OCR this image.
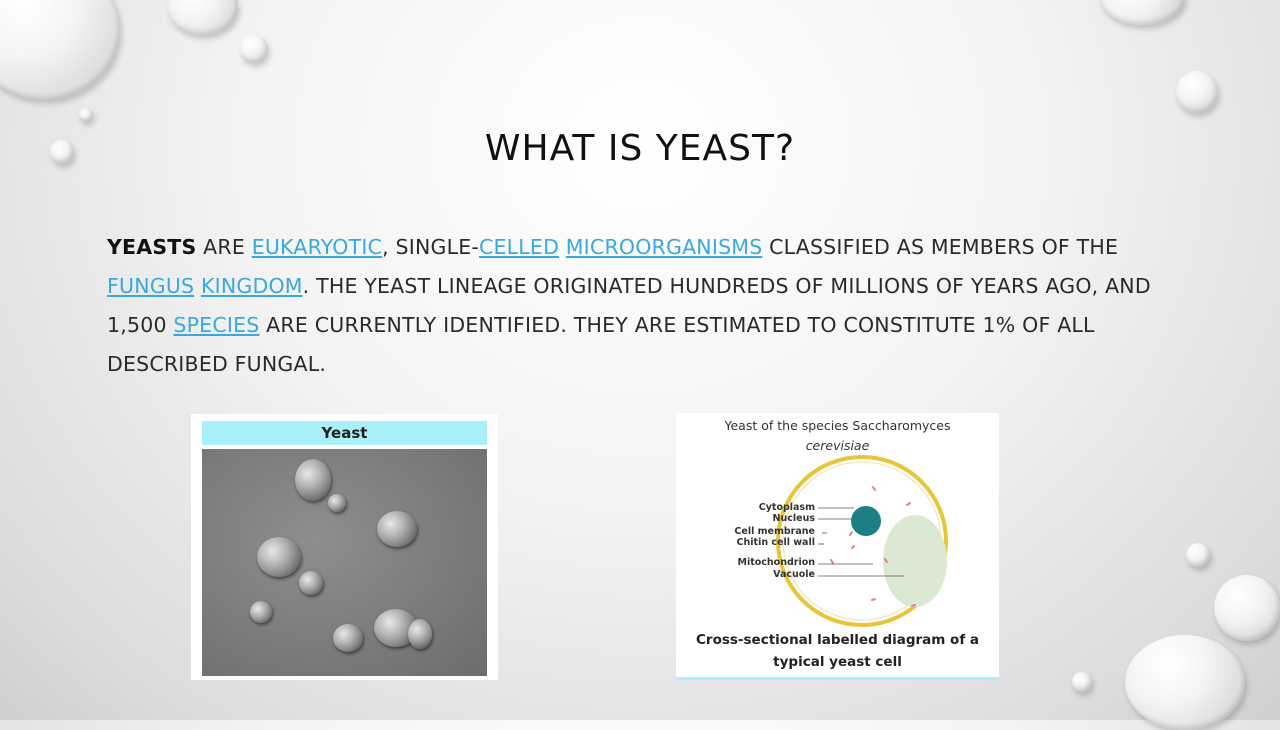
WHAT IS YEAST?

YEASTS ARE EUKARYOTIC, SINGLE-CELLED MICROORGANISMS CLASSIFIED AS MEMBERS OF THE FUNGUS KINGDOM. THE YEAST LINEAGE ORIGINATED HUNDREDS OF MILLIONS OF YEARS AGO, AND 1,500 SPECIES ARE CURRENTLY IDENTIFIED. THEY ARE ESTIMATED TO CONSTITUTE 1% OF ALL DESCRIBED FUNGAL.

Yeast	Yeast of the species Saccharomyces
cerevisiae
Cytoplasm
Nucleus
Cell membrane
Chitin cell wall
Mitochondrion
Vacuole
Cross-sectional labelled diagram of a
typical yeast cell
